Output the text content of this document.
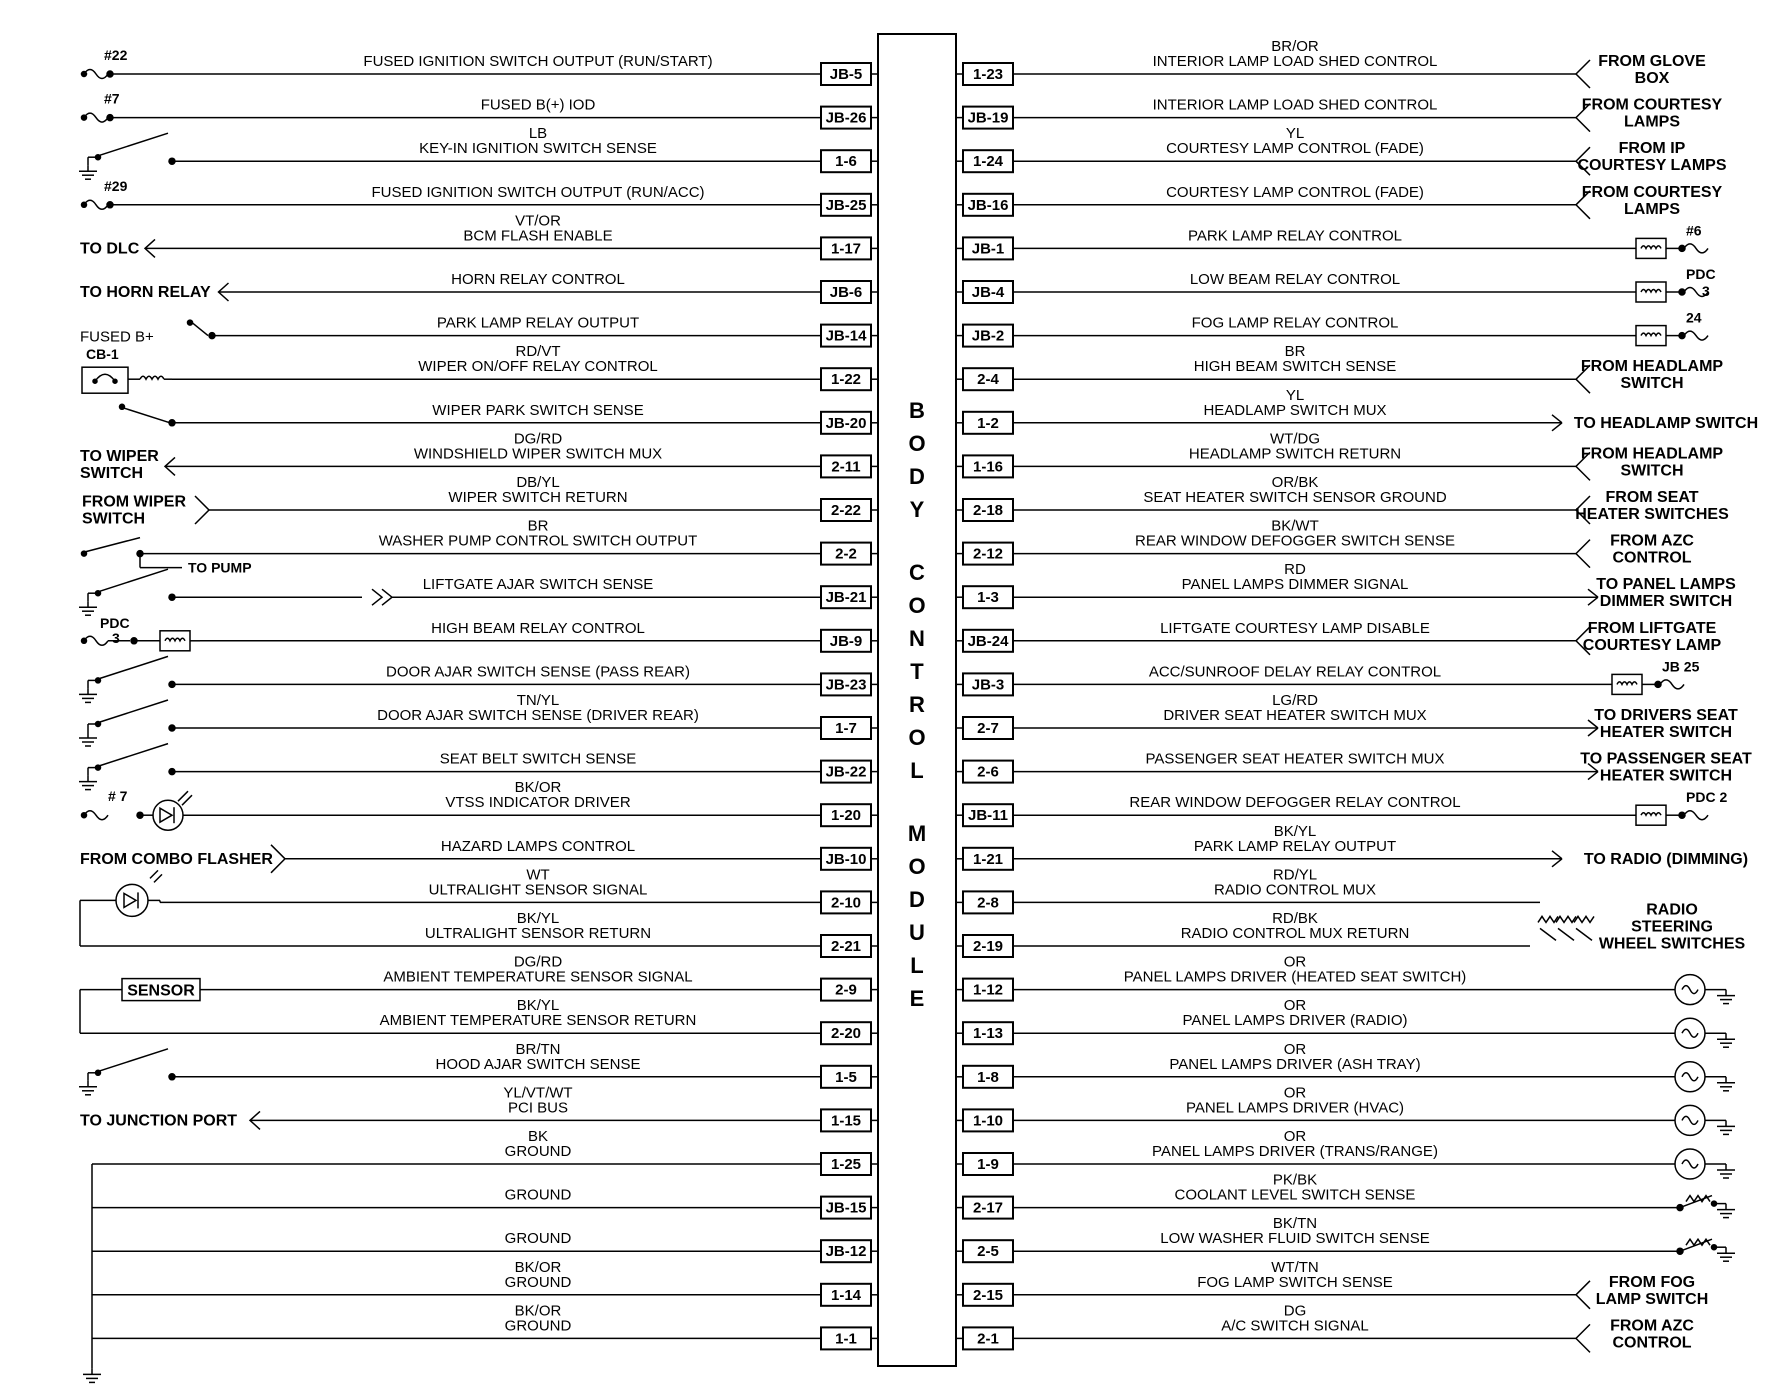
B O D Y C O N T R O L M O D U L E
JB-5
FUSED IGNITION SWITCH OUTPUT (RUN/START)
#22
JB-26
FUSED B(+) IOD
#7
1-6
LB
KEY-IN IGNITION SWITCH SENSE
JB-25
FUSED IGNITION SWITCH OUTPUT (RUN/ACC)
#29
1-17
VT/OR
BCM FLASH ENABLE
TO DLC
JB-6
HORN RELAY CONTROL
TO HORN RELAY
JB-14
PARK LAMP RELAY OUTPUT
FUSED B+
1-22
RD/VT
WIPER ON/OFF RELAY CONTROL
CB-1
JB-20
WIPER PARK SWITCH SENSE
2-11
DG/RD
WINDSHIELD WIPER SWITCH MUX
TO WIPER
SWITCH
2-22
DB/YL
WIPER SWITCH RETURN
FROM WIPER
SWITCH
2-2
BR
WASHER PUMP CONTROL SWITCH OUTPUT
TO PUMP
JB-21
LIFTGATE AJAR SWITCH SENSE
JB-9
HIGH BEAM RELAY CONTROL
PDC
3
JB-23
DOOR AJAR SWITCH SENSE (PASS REAR)
1-7
TN/YL
DOOR AJAR SWITCH SENSE (DRIVER REAR)
JB-22
SEAT BELT SWITCH SENSE
1-20
BK/OR
VTSS INDICATOR DRIVER
# 7
JB-10
HAZARD LAMPS CONTROL
FROM COMBO FLASHER
2-10
WT
ULTRALIGHT SENSOR SIGNAL
2-21
BK/YL
ULTRALIGHT SENSOR RETURN
2-9
DG/RD
AMBIENT TEMPERATURE SENSOR SIGNAL
SENSOR
2-20
BK/YL
AMBIENT TEMPERATURE SENSOR RETURN
1-5
BR/TN
HOOD AJAR SWITCH SENSE
1-15
YL/VT/WT
PCI BUS
TO JUNCTION PORT
1-25
BK
GROUND
JB-15
GROUND
JB-12
GROUND
1-14
BK/OR
GROUND
1-1
BK/OR
GROUND
1-23
BR/OR
INTERIOR LAMP LOAD SHED CONTROL	FROM GLOVE
BOX
JB-19
INTERIOR LAMP LOAD SHED CONTROL	FROM COURTESY
LAMPS
1-24
YL
COURTESY LAMP CONTROL (FADE)	FROM IP
COURTESY LAMPS
JB-16
COURTESY LAMP CONTROL (FADE)	FROM COURTESY
LAMPS
JB-1
PARK LAMP RELAY CONTROL	#6
JB-4
LOW BEAM RELAY CONTROL	PDC
3
JB-2
FOG LAMP RELAY CONTROL	24
2-4
BR
HIGH BEAM SWITCH SENSE	FROM HEADLAMP
SWITCH
1-2
YL
HEADLAMP SWITCH MUX
TO HEADLAMP SWITCH
1-16
WT/DG
HEADLAMP SWITCH RETURN	FROM HEADLAMP
SWITCH
2-18
OR/BK
SEAT HEATER SWITCH SENSOR GROUND	FROM SEAT
HEATER SWITCHES
2-12
BK/WT
REAR WINDOW DEFOGGER SWITCH SENSE	FROM AZC
CONTROL
1-3
RD
PANEL LAMPS DIMMER SIGNAL	TO PANEL LAMPS
DIMMER SWITCH
JB-24
LIFTGATE COURTESY LAMP DISABLE	FROM LIFTGATE
COURTESY LAMP
JB-3
ACC/SUNROOF DELAY RELAY CONTROL	JB 25
2-7
LG/RD
DRIVER SEAT HEATER SWITCH MUX	TO DRIVERS SEAT
HEATER SWITCH
2-6
PASSENGER SEAT HEATER SWITCH MUX	TO PASSENGER SEAT
HEATER SWITCH
JB-11
REAR WINDOW DEFOGGER RELAY CONTROL	PDC 2
1-21
BK/YL
PARK LAMP RELAY OUTPUT
TO RADIO (DIMMING)
2-8
RD/YL
RADIO CONTROL MUX
RADIO
STEERING
WHEEL SWITCHES
2-19
RD/BK
RADIO CONTROL MUX RETURN
1-12
OR
PANEL LAMPS DRIVER (HEATED SEAT SWITCH)
1-13
OR
PANEL LAMPS DRIVER (RADIO)
1-8
OR
PANEL LAMPS DRIVER (ASH TRAY)
1-10
OR
PANEL LAMPS DRIVER (HVAC)
1-9
OR
PANEL LAMPS DRIVER (TRANS/RANGE)
2-17
PK/BK
COOLANT LEVEL SWITCH SENSE
2-5
BK/TN
LOW WASHER FLUID SWITCH SENSE
2-15
WT/TN
FOG LAMP SWITCH SENSE	FROM FOG
LAMP SWITCH
2-1
DG
A/C SWITCH SIGNAL	FROM AZC
CONTROL
